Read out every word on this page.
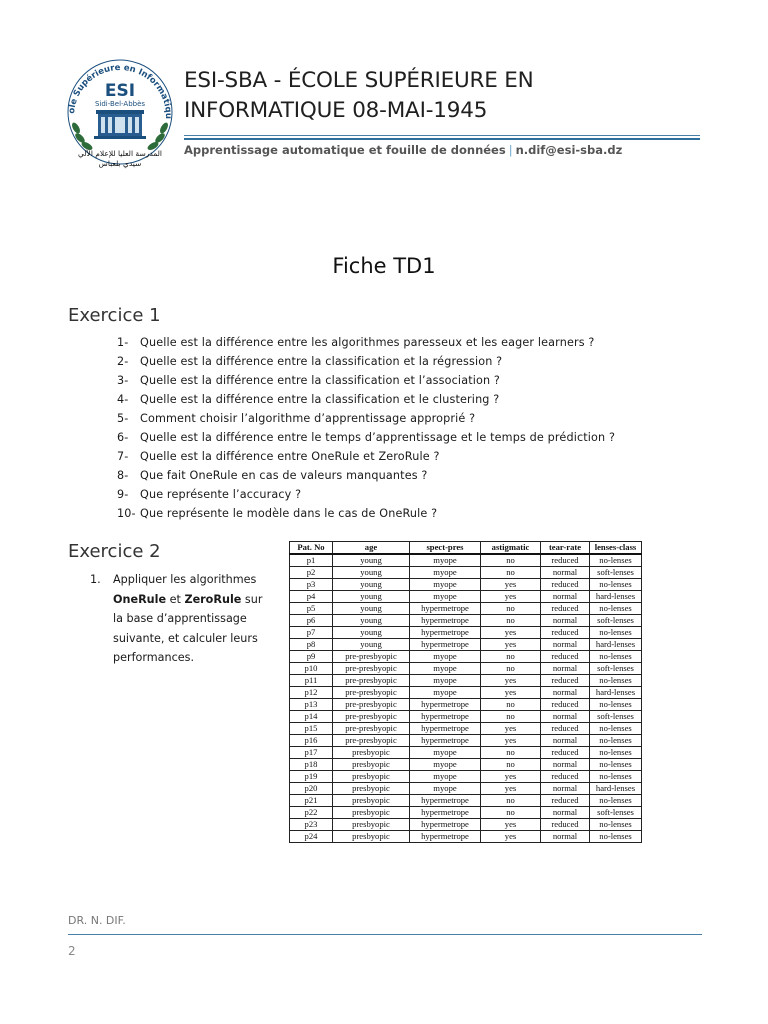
ole Supérieure en Informatiqu
ESI
Sidi-Bel-Abbès
المدرسة العليا للإعلام الآلي
سيدي بلعباس
ESI-SBA - ÉCOLE SUPÉRIEURE EN
INFORMATIQUE 08-MAI-1945
Apprentissage automatique et fouille de données | n.dif@esi-sba.dz
Fiche TD1
Exercice 1
1- Quelle est la différence entre les algorithmes paresseux et les eager learners ?
2- Quelle est la différence entre la classification et la régression ?
3- Quelle est la différence entre la classification et l’association ?
4- Quelle est la différence entre la classification et le clustering ?
5- Comment choisir l’algorithme d’apprentissage approprié ?
6- Quelle est la différence entre le temps d’apprentissage et le temps de prédiction ?
7- Quelle est la différence entre OneRule et ZeroRule ?
8- Que fait OneRule en cas de valeurs manquantes ?
9- Que représente l’accuracy ?
10- Que représente le modèle dans le cas de OneRule ?
Exercice 2
1. Appliquer les algorithmes OneRule et ZeroRule sur la base d’apprentissage suivante, et calculer leurs performances.
Pat. No	age	spect-pres	astigmatic	tear-rate	lenses-class
p1	young	myope	no	reduced	no-lenses
p2	young	myope	no	normal	soft-lenses
p3	young	myope	yes	reduced	no-lenses
p4	young	myope	yes	normal	hard-lenses
p5	young	hypermetrope	no	reduced	no-lenses
p6	young	hypermetrope	no	normal	soft-lenses
p7	young	hypermetrope	yes	reduced	no-lenses
p8	young	hypermetrope	yes	normal	hard-lenses
p9	pre-presbyopic	myope	no	reduced	no-lenses
p10	pre-presbyopic	myope	no	normal	soft-lenses
p11	pre-presbyopic	myope	yes	reduced	no-lenses
p12	pre-presbyopic	myope	yes	normal	hard-lenses
p13	pre-presbyopic	hypermetrope	no	reduced	no-lenses
p14	pre-presbyopic	hypermetrope	no	normal	soft-lenses
p15	pre-presbyopic	hypermetrope	yes	reduced	no-lenses
p16	pre-presbyopic	hypermetrope	yes	normal	no-lenses
p17	presbyopic	myope	no	reduced	no-lenses
p18	presbyopic	myope	no	normal	no-lenses
p19	presbyopic	myope	yes	reduced	no-lenses
p20	presbyopic	myope	yes	normal	hard-lenses
p21	presbyopic	hypermetrope	no	reduced	no-lenses
p22	presbyopic	hypermetrope	no	normal	soft-lenses
p23	presbyopic	hypermetrope	yes	reduced	no-lenses
p24	presbyopic	hypermetrope	yes	normal	no-lenses
DR. N. DIF.
2
